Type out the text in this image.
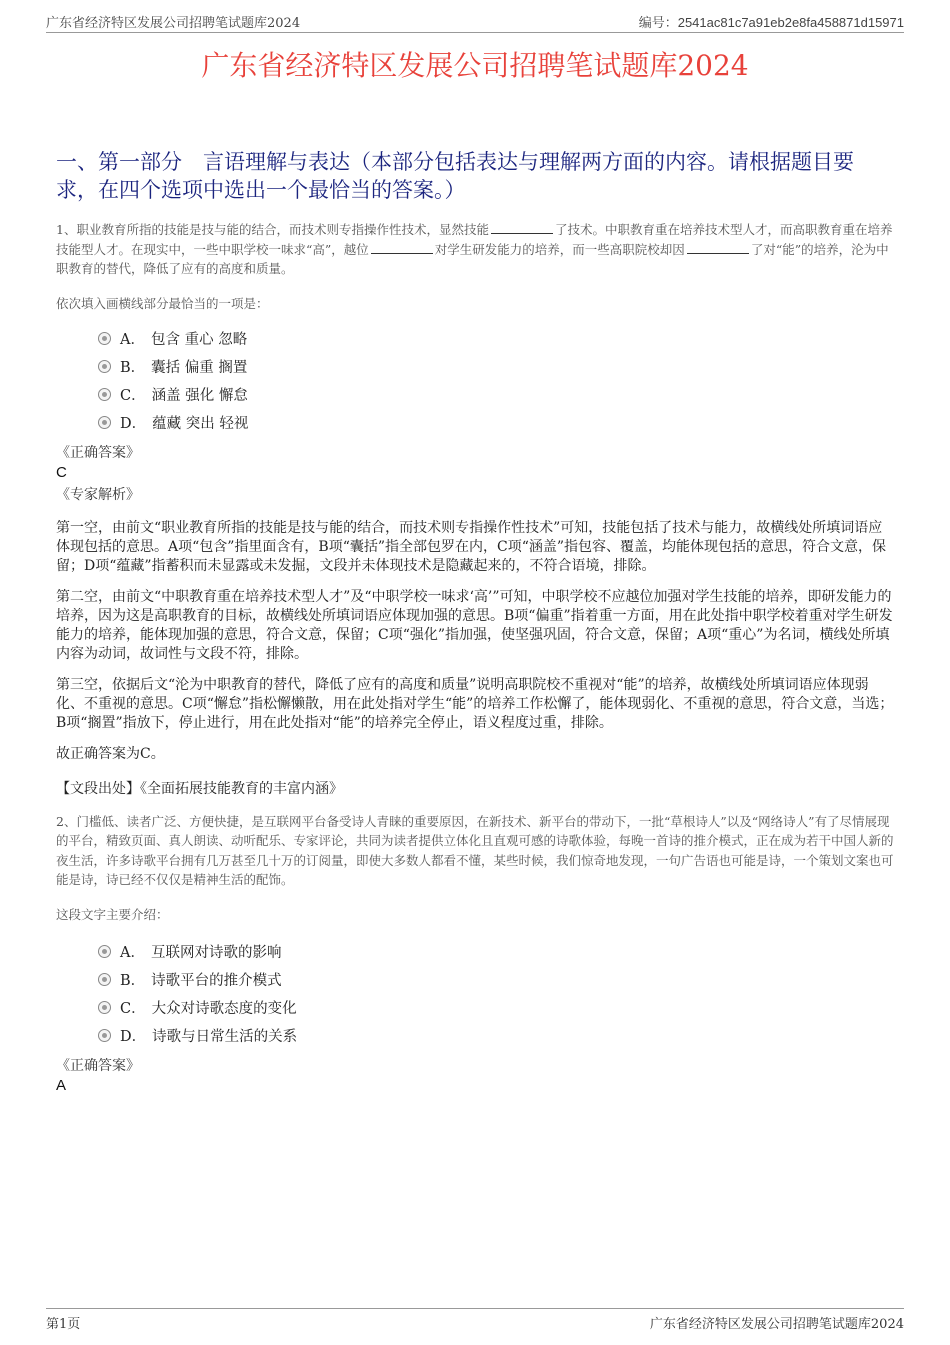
广东省经济特区发展公司招聘笔试题库2024	编号：2541ac81c7a91eb2e8fa458871d15971
广东省经济特区发展公司招聘笔试题库2024
一、第一部分　言语理解与表达（本部分包括表达与理解两方面的内容。请根据题目要求，在四个选项中选出一个最恰当的答案。）

1、职业教育所指的技能是技与能的结合，而技术则专指操作性技术，显然技能	了技术。中职教育重在培养技术型人才，而高职教育重在培养技能型人才。在现实中，一些中职学校一味求“高”，越位	对学生研发能力的培养，而一些高职院校却因	了对“能”的培养，沦为中职教育的替代，降低了应有的高度和质量。

依次填入画横线部分最恰当的一项是：

A． 包含 重心 忽略
B． 囊括 偏重 搁置
C． 涵盖 强化 懈怠
D． 蕴藏 突出 轻视
《正确答案》
C
《专家解析》

第一空，由前文“职业教育所指的技能是技与能的结合，而技术则专指操作性技术”可知，技能包括了技术与能力，故横线处所填词语应体现包括的意思。A项“包含”指里面含有，B项“囊括”指全部包罗在内，C项“涵盖”指包容、覆盖，均能体现包括的意思，符合文意，保留；D项“蕴藏”指蓄积而未显露或未发掘，文段并未体现技术是隐藏起来的，不符合语境，排除。

第二空，由前文“中职教育重在培养技术型人才”及“中职学校一味求‘高’”可知，中职学校不应越位加强对学生技能的培养，即研发能力的培养，因为这是高职教育的目标，故横线处所填词语应体现加强的意思。B项“偏重”指着重一方面，用在此处指中职学校着重对学生研发能力的培养，能体现加强的意思，符合文意，保留；C项“强化”指加强，使坚强巩固，符合文意，保留；A项“重心”为名词，横线处所填内容为动词，故词性与文段不符，排除。

第三空，依据后文“沦为中职教育的替代，降低了应有的高度和质量”说明高职院校不重视对“能”的培养，故横线处所填词语应体现弱化、不重视的意思。C项“懈怠”指松懈懒散，用在此处指对学生“能”的培养工作松懈了，能体现弱化、不重视的意思，符合文意，当选；B项“搁置”指放下，停止进行，用在此处指对“能”的培养完全停止，语义程度过重，排除。

故正确答案为C。

【文段出处】《全面拓展技能教育的丰富内涵》

2、门槛低、读者广泛、方便快捷，是互联网平台备受诗人青睐的重要原因，在新技术、新平台的带动下，一批“草根诗人”以及“网络诗人”有了尽情展现的平台，精致页面、真人朗读、动听配乐、专家评论，共同为读者提供立体化且直观可感的诗歌体验，每晚一首诗的推介模式，正在成为若干中国人新的夜生活，许多诗歌平台拥有几万甚至几十万的订阅量，即使大多数人都看不懂，某些时候，我们惊奇地发现，一句广告语也可能是诗，一个策划文案也可能是诗，诗已经不仅仅是精神生活的配饰。

这段文字主要介绍：

A． 互联网对诗歌的影响
B． 诗歌平台的推介模式
C． 大众对诗歌态度的变化
D． 诗歌与日常生活的关系
《正确答案》
A
第1页	广东省经济特区发展公司招聘笔试题库2024
